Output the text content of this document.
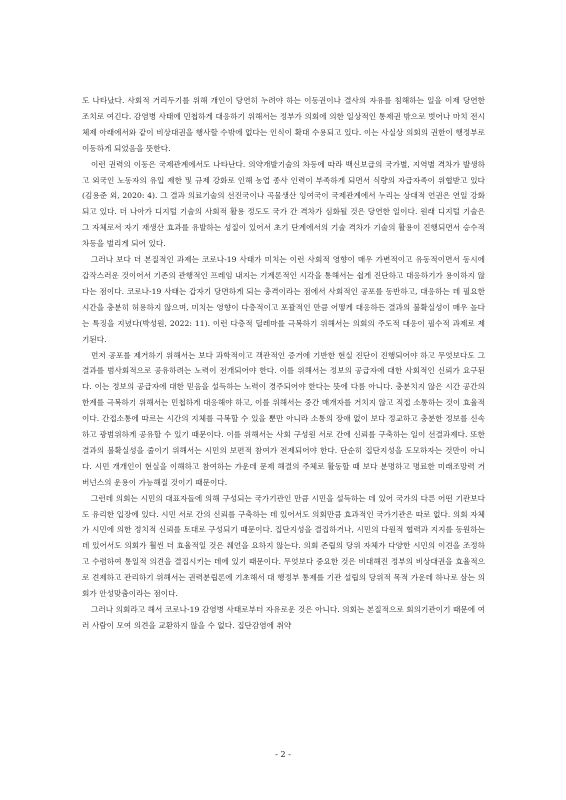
도 나타났다. 사회적 거리두기를 위해 개인이 당연히 누려야 하는 이동권이나 결사의 자유를 침해하는 일을 이제 당연한 조치로 여긴다. 감염병 사태에 민첩하게 대응하기 위해서는 정부가 의회에 의한 일상적인 통제권 밖으로 벗어나 마치 전시체제 아래에서와 같이 비상대권을 행사할 수밖에 없다는 인식이 확대 수용되고 있다. 이는 사실상 의회의 권한이 행정부로 이동하게 되었음을 뜻한다.

이런 권력의 이동은 국제관계에서도 나타난다. 의약개발기술의 차등에 따라 백신보급의 국가별, 지역별 격차가 발생하고 외국인 노동자의 유입 제한 및 규제 강화로 인해 농업 종사 인력이 부족하게 되면서 식량의 자급자족이 위협받고 있다(김용준 외, 2020: 4). 그 결과 의료기술의 선진국이나 곡물생산 잉여국이 국제관계에서 누리는 상대적 언권은 연일 강화되고 있다. 더 나아가 디지털 기술의 사회적 활용 정도도 국가 간 격차가 심화될 것은 당연한 일이다. 원래 디지털 기술은 그 자체로서 자기 재생산 효과를 유발하는 성질이 있어서 초기 단계에서의 기술 격차가 기술의 활용이 진행되면서 승수적 차등을 벌리게 되어 있다.

그러나 보다 더 본질적인 과제는 코로나-19 사태가 미치는 이런 사회적 영향이 매우 가변적이고 유동적이면서 동시에 갑작스러운 것이어서 기존의 관행적인 프레임 내지는 기계론적인 시각을 통해서는 쉽게 진단하고 대응하기가 용이하지 않다는 점이다. 코로나-19 사태는 갑자기 당면하게 되는 충격이라는 점에서 사회적인 공포를 동반하고, 대응하는 데 필요한 시간을 충분히 허용하지 않으며, 미치는 영향이 다층적이고 포괄적인 만큼 어떻게 대응하든 결과의 불확실성이 매우 높다는 특징을 지녔다(박성원, 2022: 11). 이런 다층적 딜레마를 극복하기 위해서는 의회의 주도적 대응이 필수적 과제로 제기된다.

먼저 공포를 제거하기 위해서는 보다 과학적이고 객관적인 증거에 기반한 현실 진단이 진행되어야 하고 무엇보다도 그 결과를 범사회적으로 공유하려는 노력이 전개되어야 한다. 이를 위해서는 정보의 공급자에 대한 사회적인 신뢰가 요구된다. 이는 정보의 공급자에 대한 믿음을 설득하는 노력이 경주되어야 한다는 뜻에 다름 아니다. 충분치지 않은 시간 공간의 한계를 극복하기 위해서는 민첩하게 대응해야 하고, 이를 위해서는 중간 매개자를 거치지 않고 직접 소통하는 것이 효율적이다. 간접소통에 따르는 시간의 지체를 극복할 수 있을 뿐만 아니라 소통의 장애 없이 보다 정교하고 충분한 정보를 신속하고 광범위하게 공유할 수 있기 때문이다. 이를 위해서는 사회 구성원 서로 간에 신뢰를 구축하는 일이 선결과제다. 또한 결과의 불확실성을 줄이기 위해서는 시민의 보편적 참여가 전제되어야 한다. 단순히 집단지성을 도모하자는 것만이 아니다. 시민 개개인이 현실을 이해하고 참여하는 가운데 문제 해결의 주체로 활동할 때 보다 분명하고 명료한 미래조망력 거버넌스의 운용이 가능해질 것이기 때문이다.

그런데 의회는 시민의 대표자들에 의해 구성되는 국가기관인 만큼 시민을 설득하는 데 있어 국가의 다른 어떤 기관보다도 유리한 입장에 있다. 시민 서로 간의 신뢰를 구축하는 데 있어서도 의회만큼 효과적인 국가기관은 따로 없다. 의회 자체가 시민에 의한 정치적 신뢰를 토대로 구성되기 때문이다. 집단지성을 결집하거나, 시민의 다원적 협력과 지지를 동원하는 데 있어서도 의회가 훨씬 더 효율적일 것은 췌언을 요하지 않는다. 의회 존립의 당위 자체가 다양한 시민의 이견을 조정하고 수렴하여 통일적 의견을 결집시키는 데에 있기 때문이다. 무엇보다 중요한 것은 비대해진 정부의 비상대권을 효율적으로 견제하고 관리하기 위해서는 권력분립론에 기초해서 대 행정부 통제를 기관 설립의 당위적 목적 가운데 하나로 삼는 의회가 안성맞춤이라는 점이다.

그러나 의회라고 해서 코로나-19 감염병 사태로부터 자유로운 것은 아니다. 의회는 본질적으로 회의기관이기 때문에 여러 사람이 모여 의견을 교환하지 않을 수 없다. 집단감염에 취약

- 2 -
